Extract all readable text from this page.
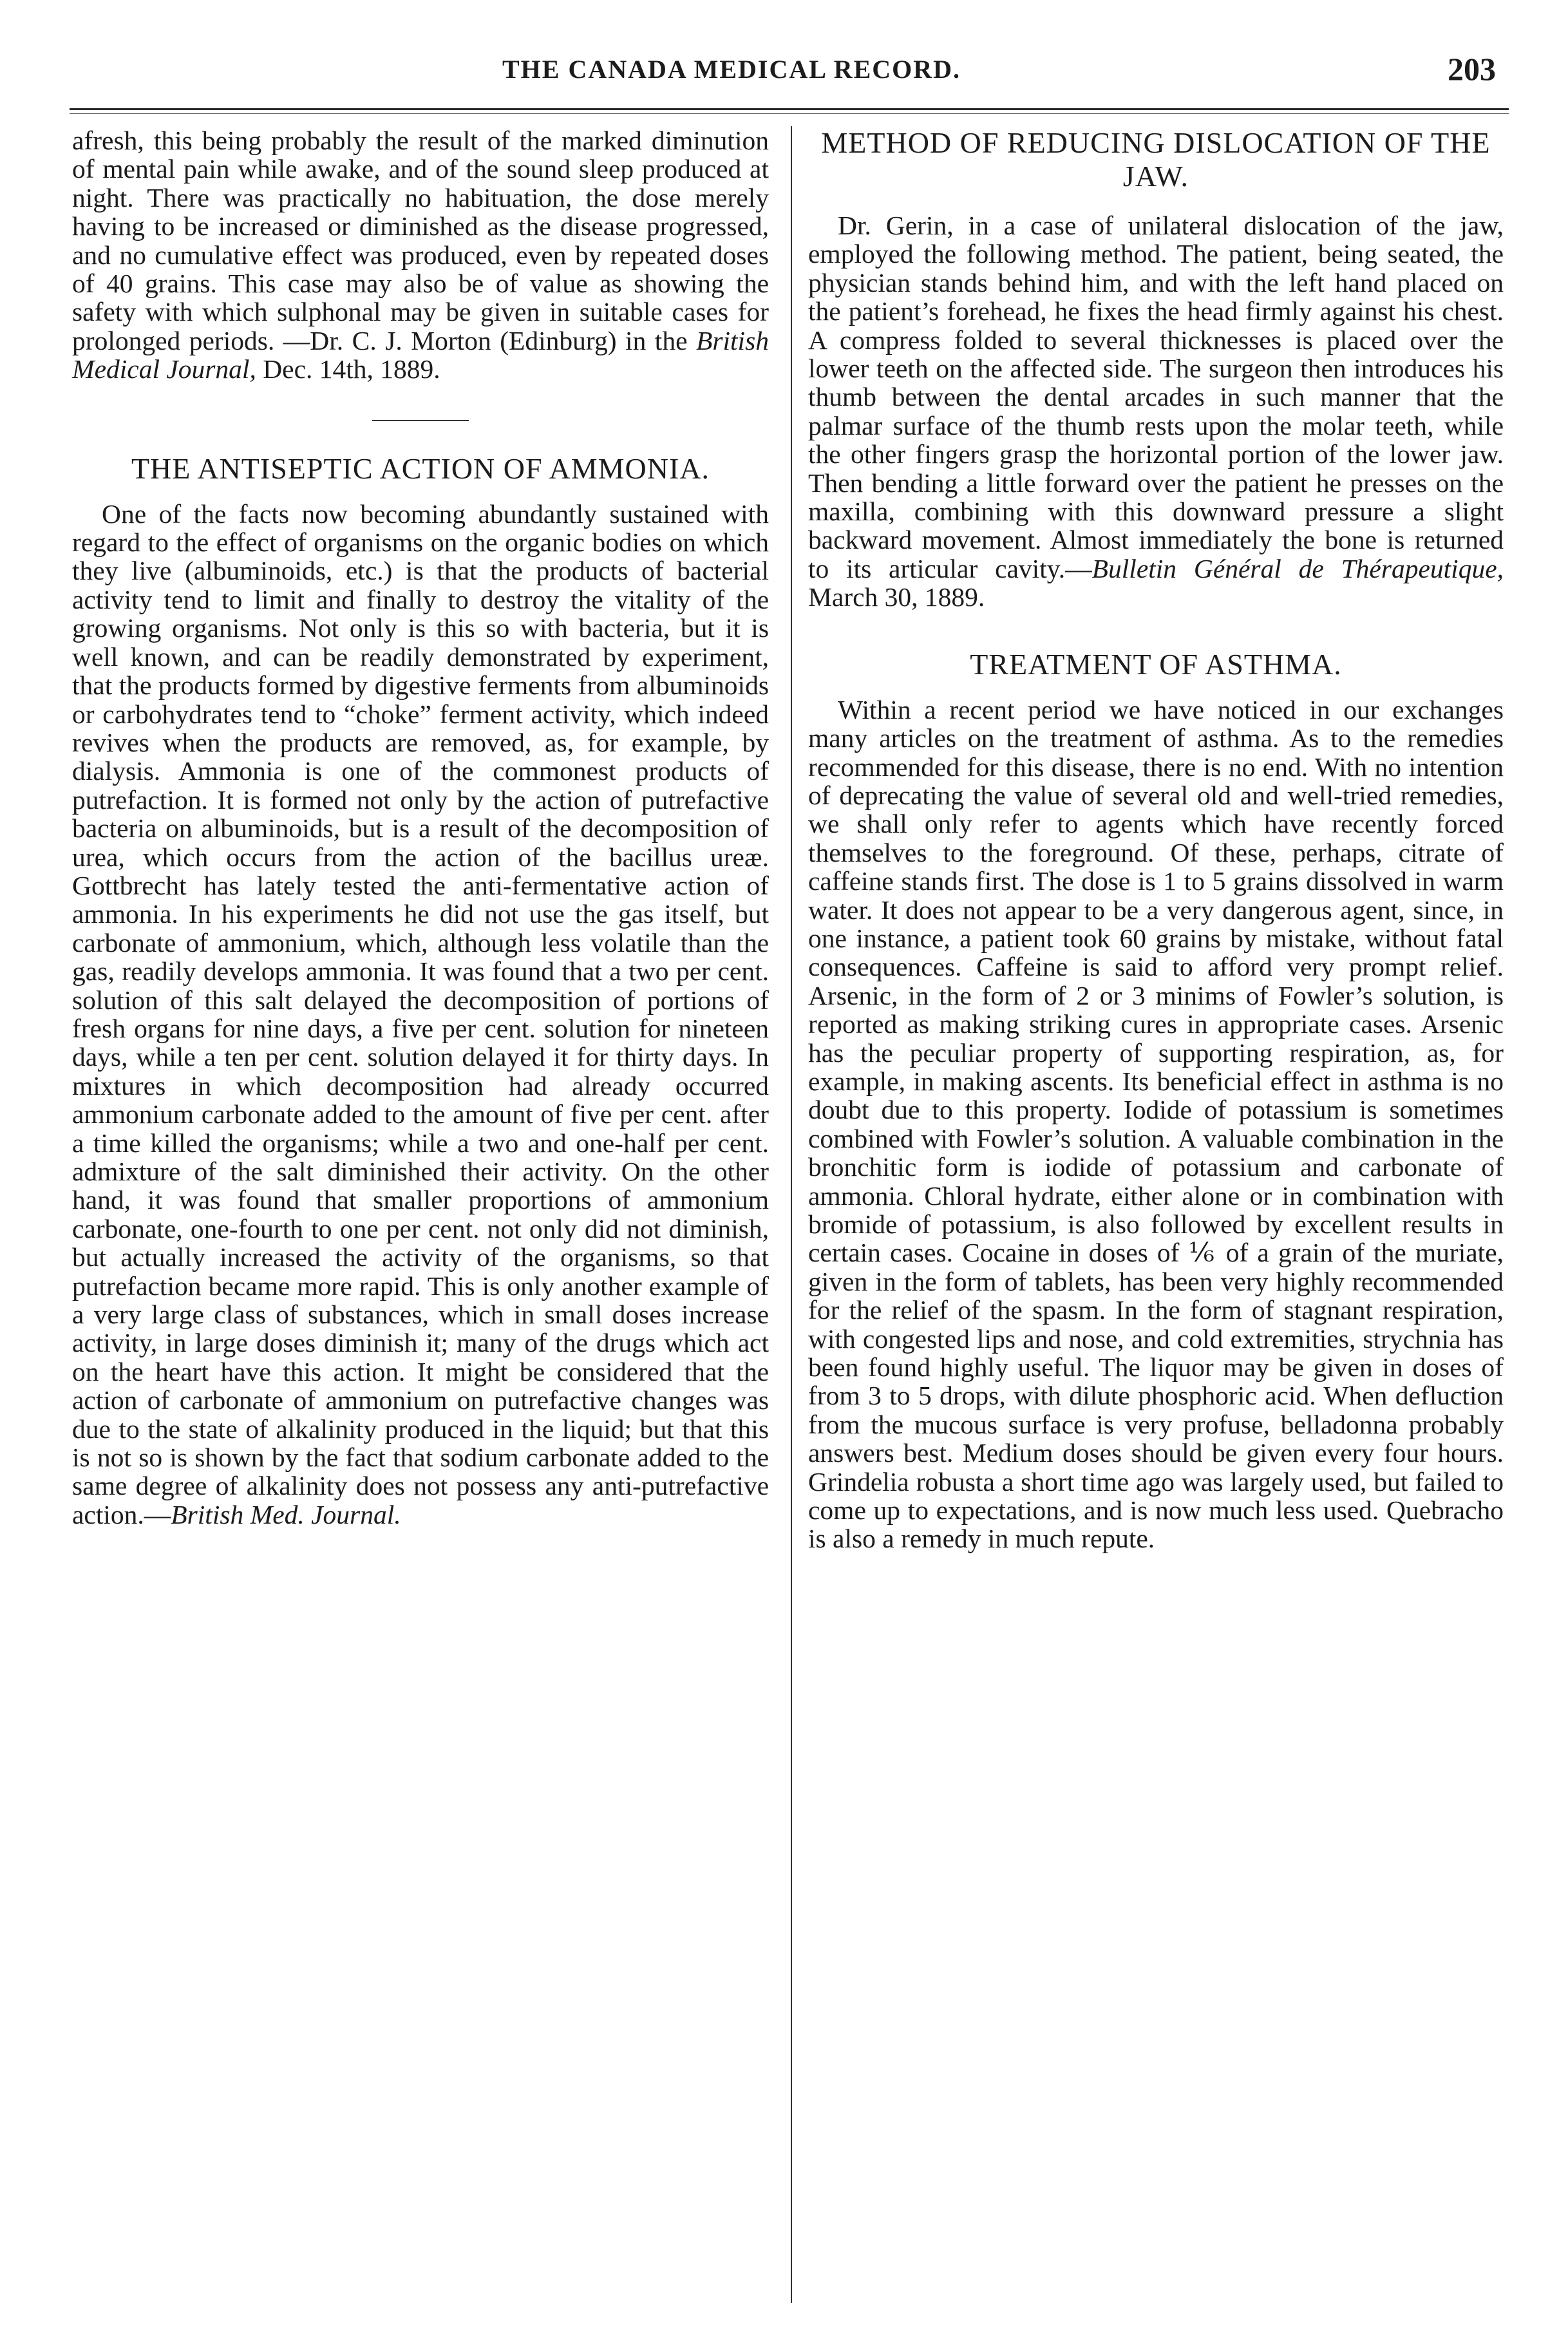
THE CANADA MEDICAL RECORD.	203

afresh, this being probably the result of the marked diminution of mental pain while awake, and of the sound sleep produced at night. There was practically no habituation, the dose merely having to be increased or diminished as the disease progressed, and no cumulative effect was produced, even by repeated doses of 40 grains. This case may also be of value as showing the safety with which sulphonal may be given in suitable cases for prolonged periods. —Dr. C. J. Morton (Edinburg) in the British Medical Journal, Dec. 14th, 1889.

THE ANTISEPTIC ACTION OF AMMONIA.

One of the facts now becoming abundantly sustained with regard to the effect of organisms on the organic bodies on which they live (albuminoids, etc.) is that the products of bacterial activity tend to limit and finally to destroy the vitality of the growing organisms. Not only is this so with bacteria, but it is well known, and can be readily demonstrated by experiment, that the products formed by digestive ferments from albuminoids or carbohydrates tend to “choke” ferment activity, which indeed revives when the products are removed, as, for example, by dialysis. Ammonia is one of the commonest products of putrefaction. It is formed not only by the action of putrefactive bacteria on albuminoids, but is a result of the decomposition of urea, which occurs from the action of the bacillus ureæ. Gottbrecht has lately tested the anti-fermentative action of ammonia. In his experiments he did not use the gas itself, but carbonate of ammonium, which, although less volatile than the gas, readily develops ammonia. It was found that a two per cent. solution of this salt delayed the decomposition of portions of fresh organs for nine days, a five per cent. solution for nineteen days, while a ten per cent. solution delayed it for thirty days. In mixtures in which decomposition had already occurred ammonium carbonate added to the amount of five per cent. after a time killed the organisms; while a two and one-half per cent. admixture of the salt diminished their activity. On the other hand, it was found that smaller proportions of ammonium carbonate, one-fourth to one per cent. not only did not diminish, but actually increased the activity of the organisms, so that putrefaction became more rapid. This is only another example of a very large class of substances, which in small doses increase activity, in large doses diminish it; many of the drugs which act on the heart have this action. It might be considered that the action of carbonate of ammonium on putrefactive changes was due to the state of alkalinity produced in the liquid; but that this is not so is shown by the fact that sodium carbonate added to the same degree of alkalinity does not possess any anti-putrefactive action.—British Med. Journal.

METHOD OF REDUCING DISLOCATION OF THE JAW.

Dr. Gerin, in a case of unilateral dislocation of the jaw, employed the following method. The patient, being seated, the physician stands behind him, and with the left hand placed on the patient’s forehead, he fixes the head firmly against his chest. A compress folded to several thicknesses is placed over the lower teeth on the affected side. The surgeon then introduces his thumb between the dental arcades in such manner that the palmar surface of the thumb rests upon the molar teeth, while the other fingers grasp the horizontal portion of the lower jaw. Then bending a little forward over the patient he presses on the maxilla, combining with this downward pressure a slight backward movement. Almost immediately the bone is returned to its articular cavity.—Bulletin Général de Thérapeutique, March 30, 1889.

TREATMENT OF ASTHMA.

Within a recent period we have noticed in our exchanges many articles on the treatment of asthma. As to the remedies recommended for this disease, there is no end. With no intention of deprecating the value of several old and well-tried remedies, we shall only refer to agents which have recently forced themselves to the foreground. Of these, perhaps, citrate of caffeine stands first. The dose is 1 to 5 grains dissolved in warm water. It does not appear to be a very dangerous agent, since, in one instance, a patient took 60 grains by mistake, without fatal consequences. Caffeine is said to afford very prompt relief. Arsenic, in the form of 2 or 3 minims of Fowler’s solution, is reported as making striking cures in appropriate cases. Arsenic has the peculiar property of supporting respiration, as, for example, in making ascents. Its beneficial effect in asthma is no doubt due to this property. Iodide of potassium is sometimes combined with Fowler’s solution. A valuable combination in the bronchitic form is iodide of potassium and carbonate of ammonia. Chloral hydrate, either alone or in combination with bromide of potassium, is also followed by excellent results in certain cases. Cocaine in doses of ⅙ of a grain of the muriate, given in the form of tablets, has been very highly recommended for the relief of the spasm. In the form of stagnant respiration, with congested lips and nose, and cold extremities, strychnia has been found highly useful. The liquor may be given in doses of from 3 to 5 drops, with dilute phosphoric acid. When defluction from the mucous surface is very profuse, belladonna probably answers best. Medium doses should be given every four hours. Grindelia robusta a short time ago was largely used, but failed to come up to expectations, and is now much less used. Quebracho is also a remedy in much repute.
